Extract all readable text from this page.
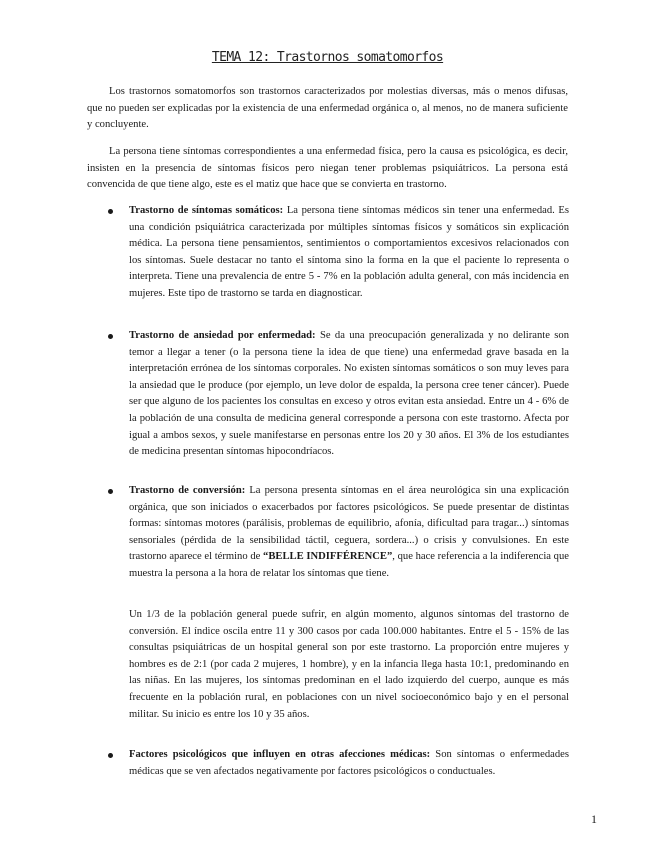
TEMA 12: Trastornos somatomorfos

Los trastornos somatomorfos son trastornos caracterizados por molestias diversas, más o menos difusas, que no pueden ser explicadas por la existencia de una enfermedad orgánica o, al menos, no de manera suficiente y concluyente.

La persona tiene síntomas correspondientes a una enfermedad física, pero la causa es psicológica, es decir, insisten en la presencia de síntomas físicos pero niegan tener problemas psiquiátricos. La persona está convencida de que tiene algo, este es el matiz que hace que se convierta en trastorno.

Trastorno de síntomas somáticos: La persona tiene síntomas médicos sin tener una enfermedad. Es una condición psiquiátrica caracterizada por múltiples síntomas físicos y somáticos sin explicación médica. La persona tiene pensamientos, sentimientos o comportamientos excesivos relacionados con los síntomas. Suele destacar no tanto el síntoma sino la forma en la que el paciente lo representa o interpreta. Tiene una prevalencia de entre 5 - 7% en la población adulta general, con más incidencia en mujeres. Este tipo de trastorno se tarda en diagnosticar.
Trastorno de ansiedad por enfermedad: Se da una preocupación generalizada y no delirante son temor a llegar a tener (o la persona tiene la idea de que tiene) una enfermedad grave basada en la interpretación errónea de los síntomas corporales. No existen síntomas somáticos o son muy leves para la ansiedad que le produce (por ejemplo, un leve dolor de espalda, la persona cree tener cáncer). Puede ser que alguno de los pacientes los consultas en exceso y otros evitan esta ansiedad. Entre un 4 - 6% de la población de una consulta de medicina general corresponde a persona con este trastorno. Afecta por igual a ambos sexos, y suele manifestarse en personas entre los 20 y 30 años. El 3% de los estudiantes de medicina presentan síntomas hipocondríacos.
Trastorno de conversión: La persona presenta síntomas en el área neurológica sin una explicación orgánica, que son iniciados o exacerbados por factores psicológicos. Se puede presentar de distintas formas: síntomas motores (parálisis, problemas de equilibrio, afonía, dificultad para tragar...) síntomas sensoriales (pérdida de la sensibilidad táctil, ceguera, sordera...) o crisis y convulsiones. En este trastorno aparece el término de “BELLE INDIFFÉRENCE”, que hace referencia a la indiferencia que muestra la persona a la hora de relatar los síntomas que tiene.

Un 1/3 de la población general puede sufrir, en algún momento, algunos síntomas del trastorno de conversión. El índice oscila entre 11 y 300 casos por cada 100.000 habitantes. Entre el 5 - 15% de las consultas psiquiátricas de un hospital general son por este trastorno. La proporción entre mujeres y hombres es de 2:1 (por cada 2 mujeres, 1 hombre), y en la infancia llega hasta 10:1, predominando en las niñas. En las mujeres, los síntomas predominan en el lado izquierdo del cuerpo, aunque es más frecuente en la población rural, en poblaciones con un nivel socioeconómico bajo y en el personal militar. Su inicio es entre los 10 y 35 años.

Factores psicológicos que influyen en otras afecciones médicas: Son síntomas o enfermedades médicas que se ven afectados negativamente por factores psicológicos o conductuales.
1
